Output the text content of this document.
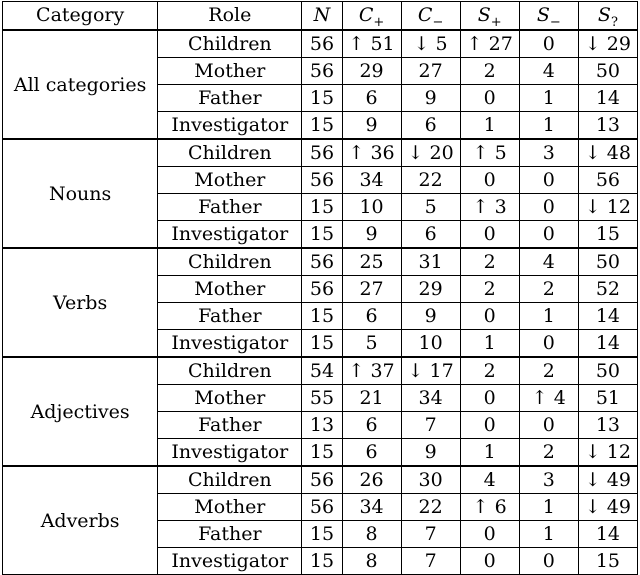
Category	Role	N	$C_+$	$C_-$	$S_+$	$S_-$	$S_?$
All categories	Children	56	↑ 51	↓ 5	↑ 27	0	↓ 29
	Mother	56	29	27	2	4	50
	Father	15	6	9	0	1	14
	Investigator	15	9	6	1	1	13
Nouns	Children	56	↑ 36	↓ 20	↑ 5	3	↓ 48
	Mother	56	34	22	0	0	56
	Father	15	10	5	↑ 3	0	↓ 12
	Investigator	15	9	6	0	0	15
Verbs	Children	56	25	31	2	4	50
	Mother	56	27	29	2	2	52
	Father	15	6	9	0	1	14
	Investigator	15	5	10	1	0	14
Adjectives	Children	54	↑ 37	↓ 17	2	2	50
	Mother	55	21	34	0	↑ 4	51
	Father	13	6	7	0	0	13
	Investigator	15	6	9	1	2	↓ 12
Adverbs	Children	56	26	30	4	3	↓ 49
	Mother	56	34	22	↑ 6	1	↓ 49
	Father	15	8	7	0	1	14
	Investigator	15	8	7	0	0	15
